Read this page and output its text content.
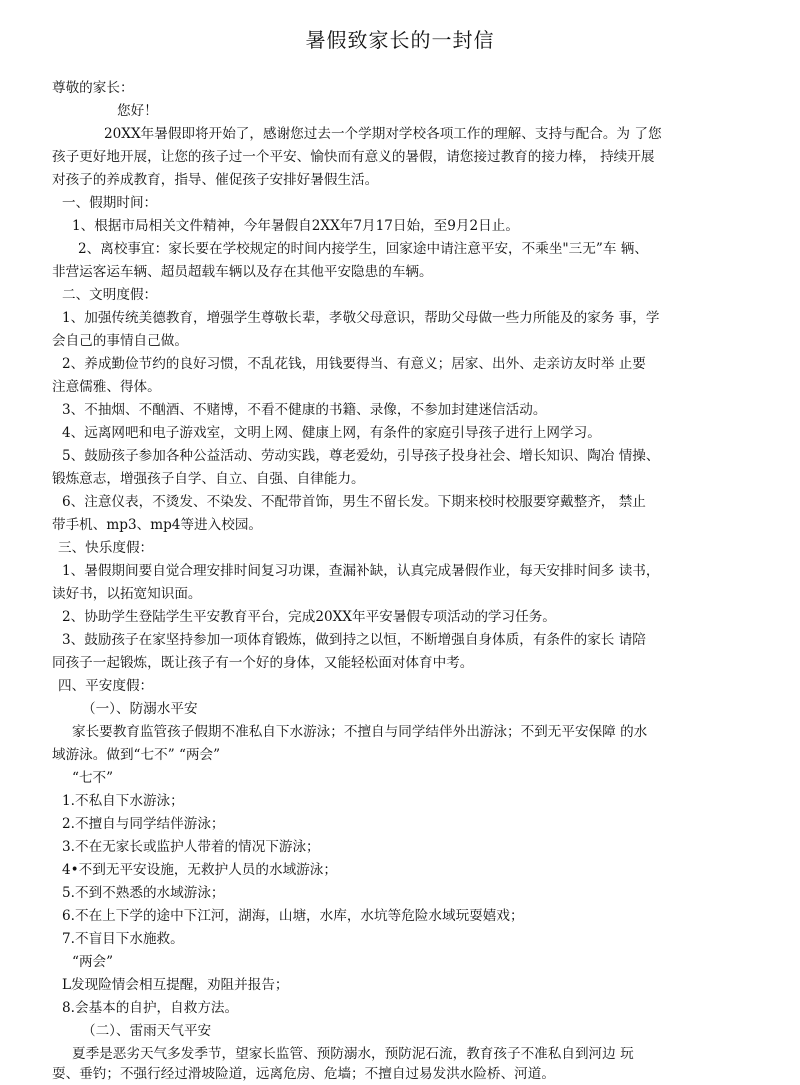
暑假致家长的一封信
尊敬的家长：
您好！
20XX年暑假即将开始了，感谢您过去一个学期对学校各项工作的理解、支持与配合。为 了您
孩子更好地开展，让您的孩子过一个平安、愉快而有意义的暑假，请您接过教育的接力棒， 持续开展
对孩子的养成教育，指导、催促孩子安排好暑假生活。
一、假期时间：
1、根据市局相关文件精神，今年暑假自2XX年7月17日始，至9月2日止。
2、离校事宜：家长要在学校规定的时间内接学生，回家途中请注意平安，不乘坐"三无”车 辆、
非营运客运车辆、超员超载车辆以及存在其他平安隐患的车辆。
二、文明度假：
1、加强传统美德教育，增强学生尊敬长辈，孝敬父母意识，帮助父母做一些力所能及的家务 事，学
会自己的事情自己做。
2、养成勤俭节约的良好习惯，不乱花钱，用钱要得当、有意义；居家、出外、走亲访友时举 止要
注意儒雅、得体。
3、不抽烟、不酗酒、不赌博，不看不健康的书籍、录像，不参加封建迷信活动。
4、远离网吧和电子游戏室，文明上网、健康上网，有条件的家庭引导孩子进行上网学习。
5、鼓励孩子参加各种公益活动、劳动实践，尊老爱幼，引导孩子投身社会、增长知识、陶冶 情操、
锻炼意志，增强孩子自学、自立、自强、自律能力。
6、注意仪表，不烫发、不染发、不配带首饰，男生不留长发。下期来校时校服要穿戴整齐， 禁止
带手机、mp3、mp4等进入校园。
三、快乐度假：
1、暑假期间要自觉合理安排时间复习功课，查漏补缺，认真完成暑假作业，每天安排时间多 读书，
读好书，以拓宽知识面。
2、协助学生登陆学生平安教育平台，完成20XX年平安暑假专项活动的学习任务。
3、鼓励孩子在家坚持参加一项体育锻炼，做到持之以恒，不断增强自身体质，有条件的家长 请陪
同孩子一起锻炼，既让孩子有一个好的身体，又能轻松面对体育中考。
四、平安度假：
（一）、防溺水平安
家长要教育监管孩子假期不准私自下水游泳；不擅自与同学结伴外出游泳；不到无平安保障 的水
域游泳。做到“七不” “两会”
“七不”
1.不私自下水游泳；
2.不擅自与同学结伴游泳；
3.不在无家长或监护人带着的情况下游泳；
4•不到无平安设施，无救护人员的水域游泳；
5.不到不熟悉的水域游泳；
6.不在上下学的途中下江河，湖海，山塘，水库，水坑等危险水域玩耍嬉戏；
7.不盲目下水施救。
“两会”
L发现险情会相互提醒，劝阻并报告；
8.会基本的自护，自救方法。
（二）、雷雨天气平安
夏季是恶劣天气多发季节，望家长监管、预防溺水，预防泥石流，教育孩子不准私自到河边 玩
耍、垂钓；不强行经过滑坡险道，远离危房、危墙；不擅自过易发洪水险桥、河道。
